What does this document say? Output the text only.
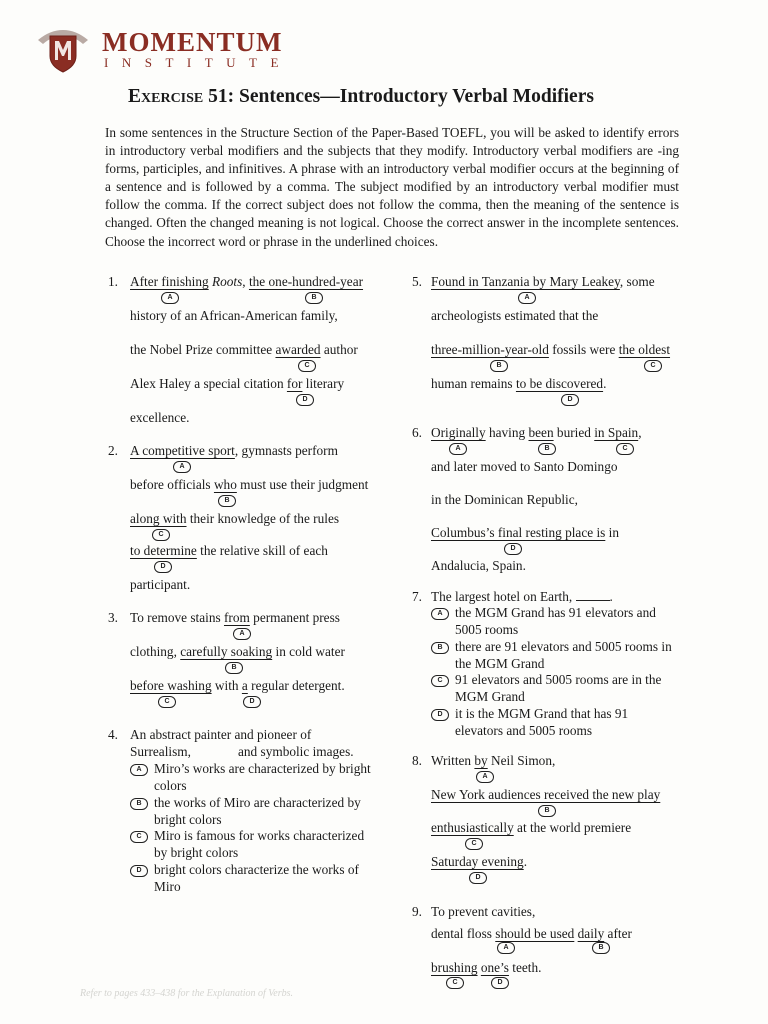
MOMENTUM
INSTITUTE
Exercise 51: Sentences—Introductory Verbal Modifiers
In some sentences in the Structure Section of the Paper-Based TOEFL, you will be asked to identify errors in introductory verbal modifiers and the subjects that they modify. Introductory verbal modifiers are -ing forms, participles, and infinitives. A phrase with an introductory verbal modifier occurs at the beginning of a sentence and is followed by a comma. The subject modified by an introductory verbal modifier must follow the comma. If the correct subject does not follow the comma, then the meaning of the sentence is changed. Often the changed meaning is not logical. Choose the correct answer in the incomplete sentences. Choose the incorrect word or phrase in the underlined choices.
1. After finishing Roots, the one-hundred-year
A	B
history of an African-American family,
the Nobel Prize committee awarded author
C
Alex Haley a special citation for literary
D
excellence.
2. A competitive sport, gymnasts perform
A
before officials who must use their judgment
B
along with their knowledge of the rules
C
to determine the relative skill of each
D
participant.
3. To remove stains from permanent press
A
clothing, carefully soaking in cold water
B
before washing with a regular detergent.
C	D
4. An abstract painter and pioneer of
Surrealism,	and symbolic images.
A Miro’s works are characterized by bright colors
B the works of Miro are characterized by bright colors
C Miro is famous for works characterized by bright colors
D bright colors characterize the works of Miro
5. Found in Tanzania by Mary Leakey, some
A
archeologists estimated that the
three-million-year-old fossils were the oldest
B	C
human remains to be discovered.
D
6. Originally having been buried in Spain,
A	B	C
and later moved to Santo Domingo
in the Dominican Republic,
Columbus’s final resting place is in
D
Andalucia, Spain.
7. The largest hotel on Earth,	.
A the MGM Grand has 91 elevators and 5005 rooms
B there are 91 elevators and 5005 rooms in the MGM Grand
C 91 elevators and 5005 rooms are in the MGM Grand
D it is the MGM Grand that has 91 elevators and 5005 rooms
8. Written by Neil Simon,
A
New York audiences received the new play
B
enthusiastically at the world premiere
C
Saturday evening.
D
9. To prevent cavities,
dental floss should be used daily after
A	B
brushing one’s teeth.
C	D
Refer to pages 433–438 for the Explanation of Verbs.
